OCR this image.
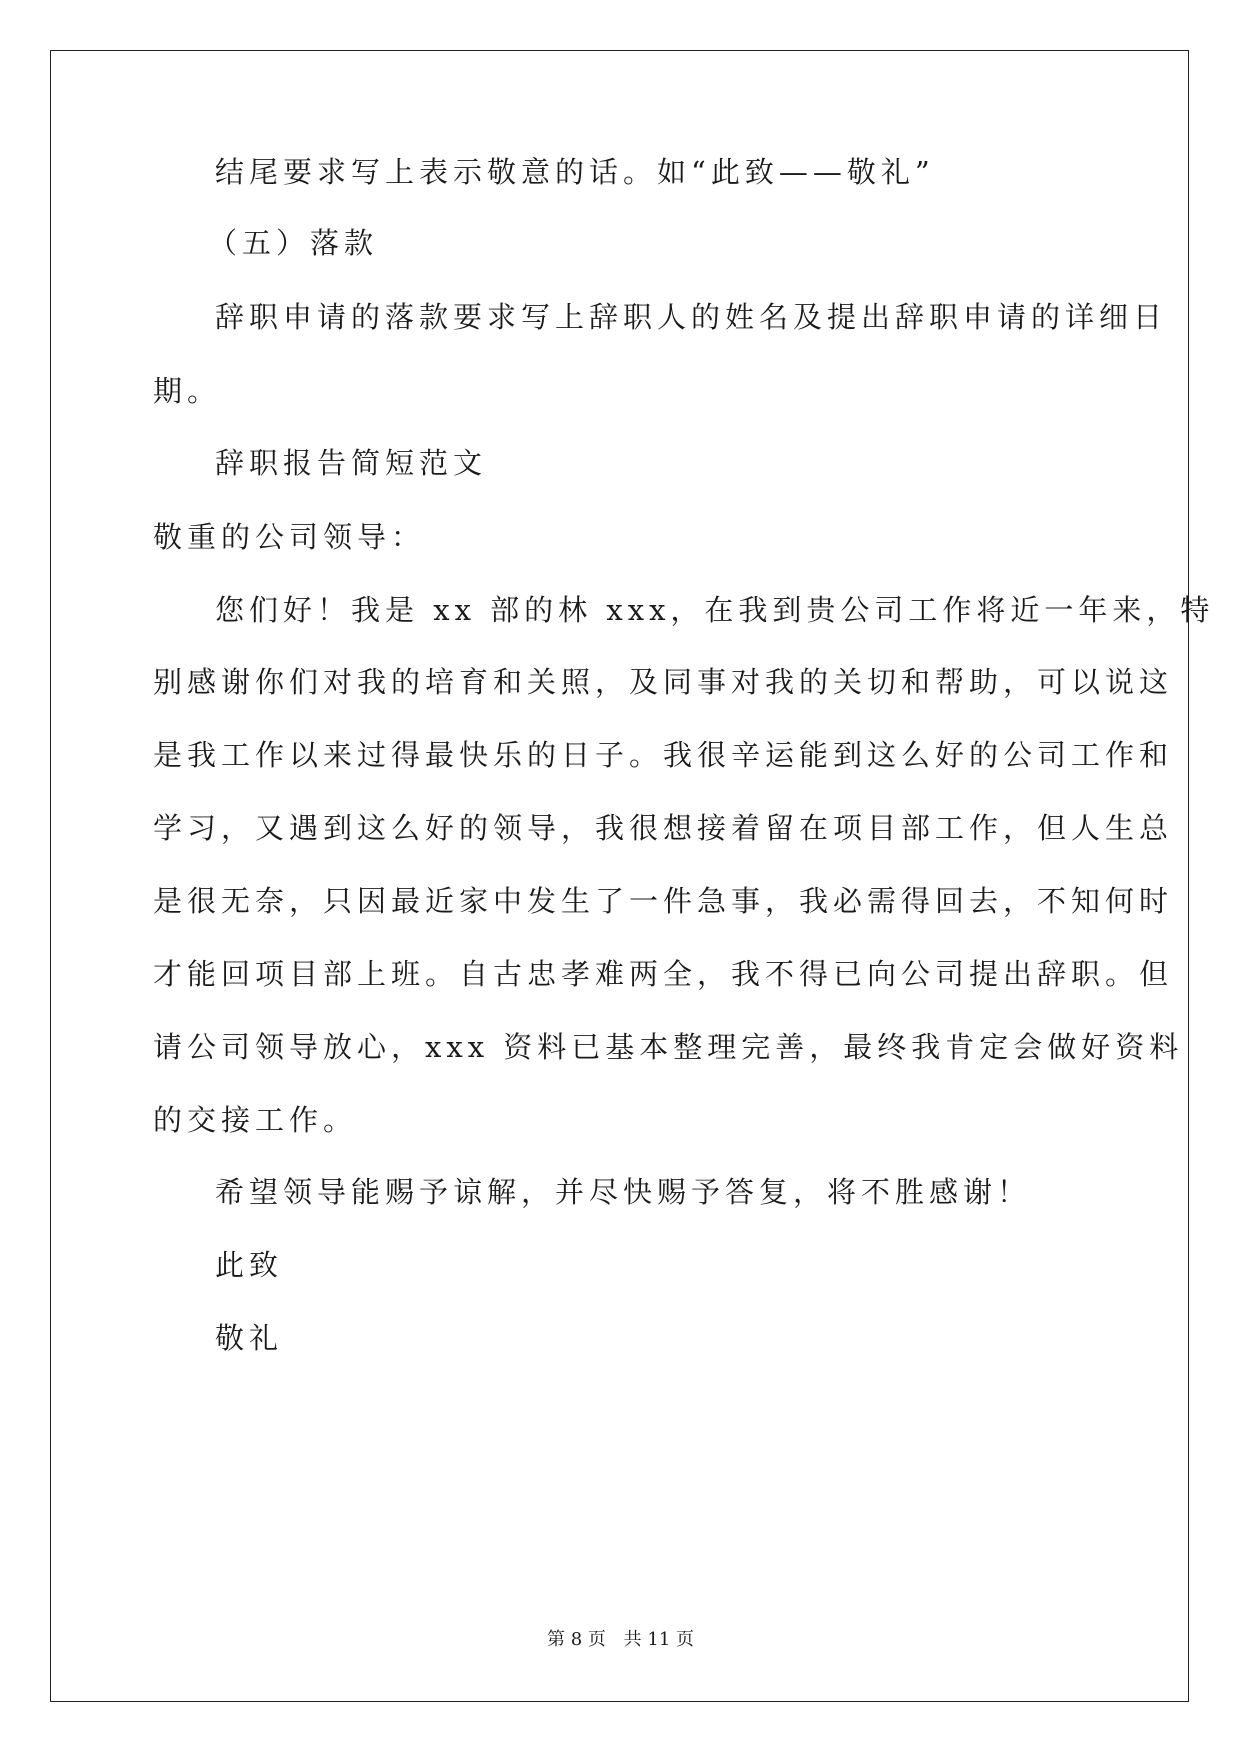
结尾要求写上表示敬意的话。如“此致——敬礼”
（五）落款
辞职申请的落款要求写上辞职人的姓名及提出辞职申请的详细日
期。
辞职报告简短范文
敬重的公司领导：
您们好！我是 xx 部的林 xxx，在我到贵公司工作将近一年来，特
别感谢你们对我的培育和关照，及同事对我的关切和帮助，可以说这
是我工作以来过得最快乐的日子。我很辛运能到这么好的公司工作和
学习，又遇到这么好的领导，我很想接着留在项目部工作，但人生总
是很无奈，只因最近家中发生了一件急事，我必需得回去，不知何时
才能回项目部上班。自古忠孝难两全，我不得已向公司提出辞职。但
请公司领导放心，xxx 资料已基本整理完善，最终我肯定会做好资料
的交接工作。
希望领导能赐予谅解，并尽快赐予答复，将不胜感谢！
此致
敬礼
第 8 页 共 11 页
